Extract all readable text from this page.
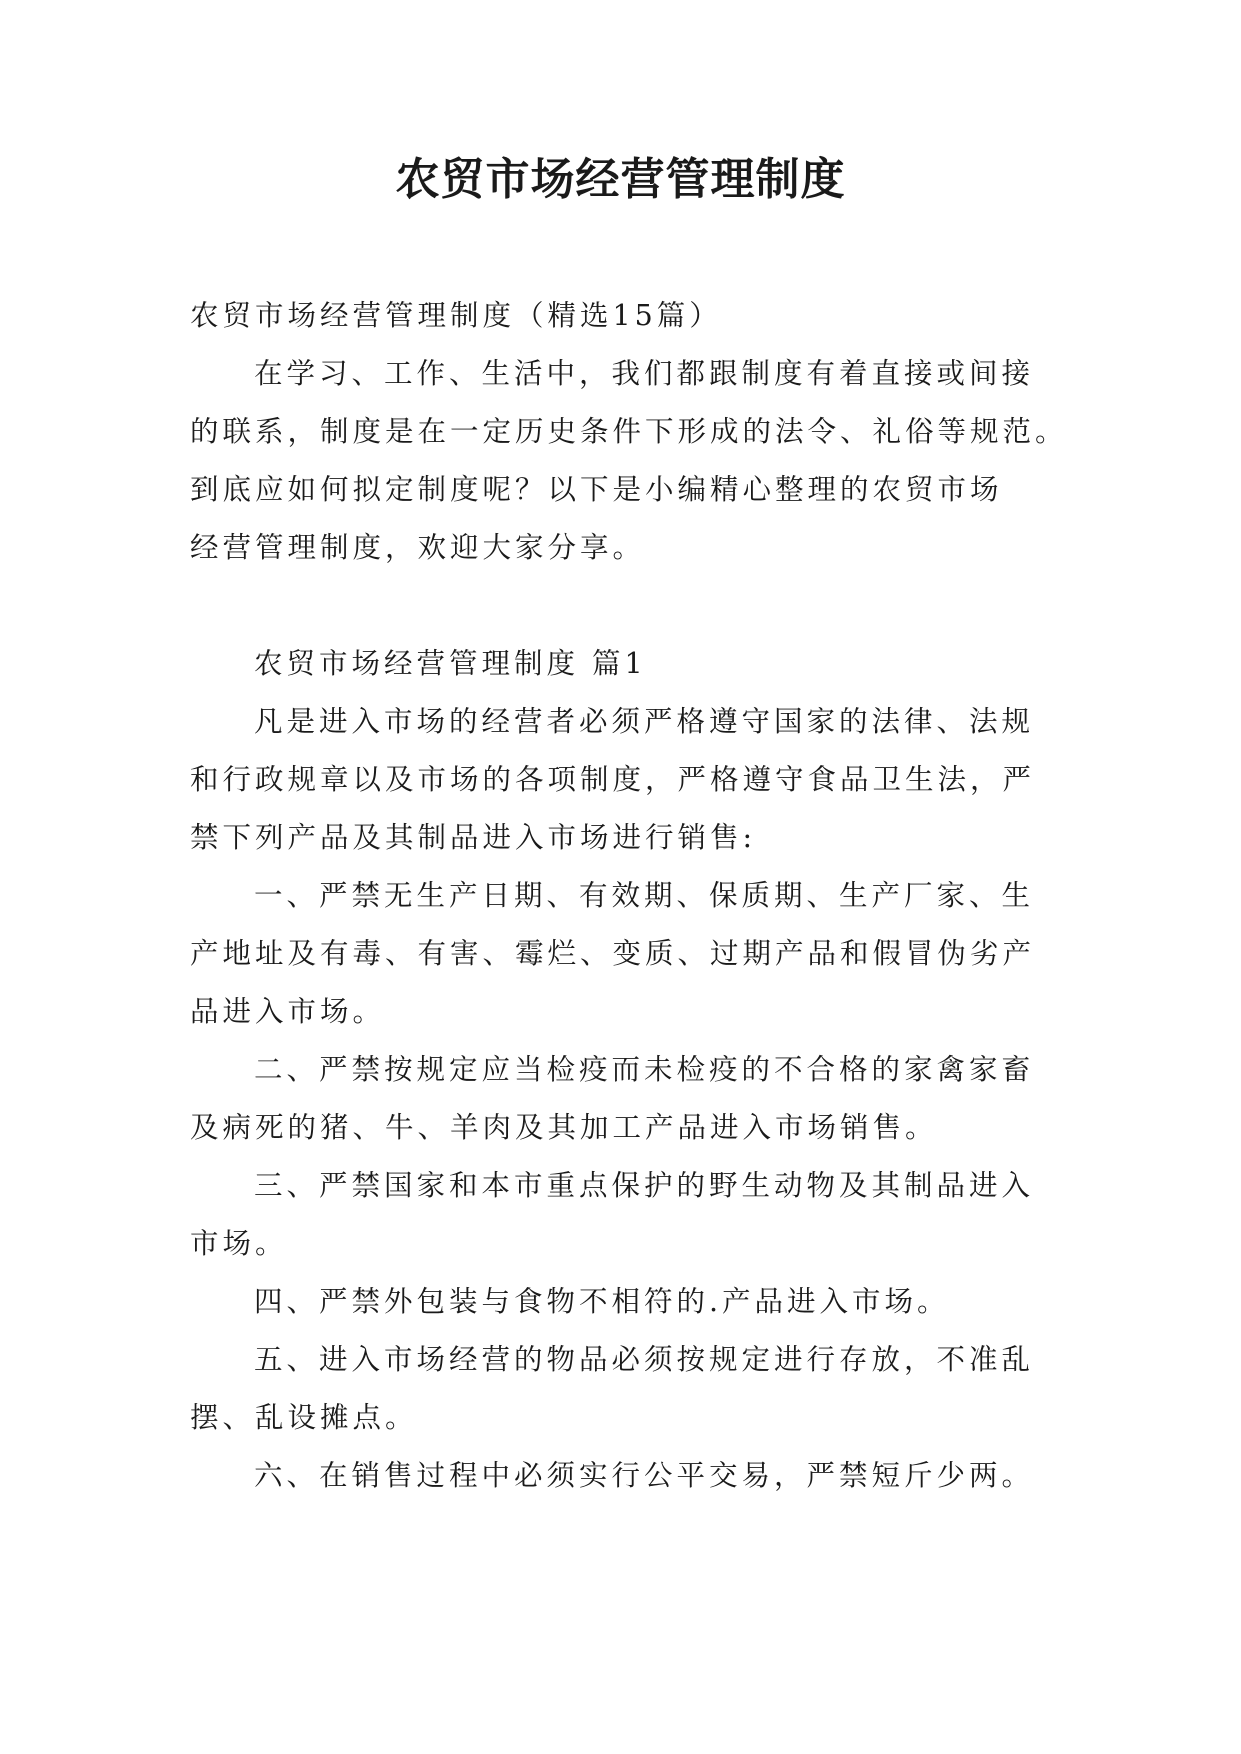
农贸市场经营管理制度

农贸市场经营管理制度（精选15篇）

在学习、工作、生活中，我们都跟制度有着直接或间接

的联系，制度是在一定历史条件下形成的法令、礼俗等规范。

到底应如何拟定制度呢？以下是小编精心整理的农贸市场

经营管理制度，欢迎大家分享。

农贸市场经营管理制度 篇1

凡是进入市场的经营者必须严格遵守国家的法律、法规

和行政规章以及市场的各项制度，严格遵守食品卫生法，严

禁下列产品及其制品进入市场进行销售:

一、严禁无生产日期、有效期、保质期、生产厂家、生

产地址及有毒、有害、霉烂、变质、过期产品和假冒伪劣产

品进入市场。

二、严禁按规定应当检疫而未检疫的不合格的家禽家畜

及病死的猪、牛、羊肉及其加工产品进入市场销售。

三、严禁国家和本市重点保护的野生动物及其制品进入

市场。

四、严禁外包装与食物不相符的.产品进入市场。

五、进入市场经营的物品必须按规定进行存放，不准乱

摆、乱设摊点。

六、在销售过程中必须实行公平交易，严禁短斤少两。
